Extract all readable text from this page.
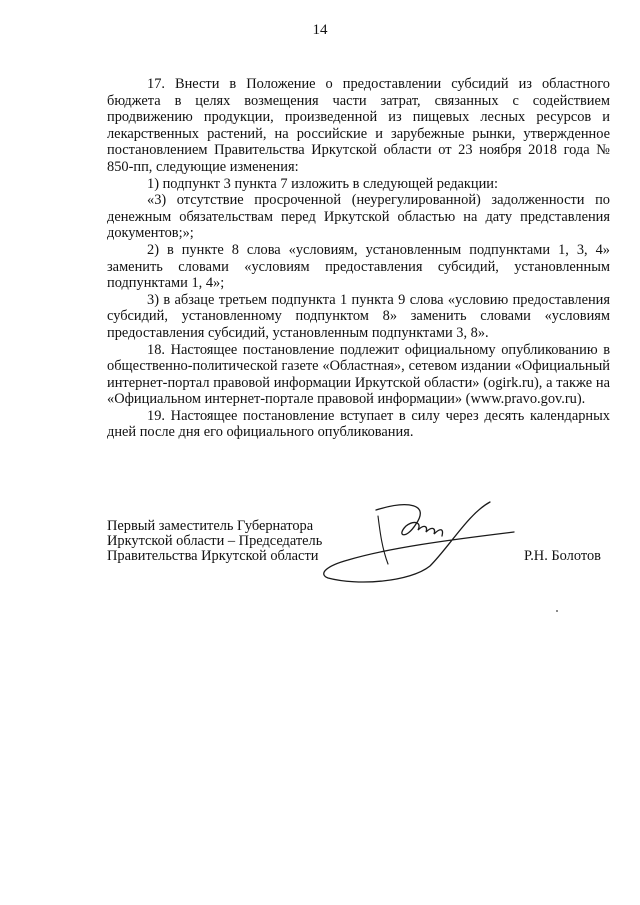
14

17. Внести в Положение о предоставлении субсидий из областного бюджета в целях возмещения части затрат, связанных с содействием продвижению продукции, произведенной из пищевых лесных ресурсов и лекарственных растений, на российские и зарубежные рынки, утвержденное постановлением Правительства Иркутской области от 23 ноября 2018 года № 850-пп, следующие изменения:

1) подпункт 3 пункта 7 изложить в следующей редакции:

«3) отсутствие просроченной (неурегулированной) задолженности по денежным обязательствам перед Иркутской областью на дату представления документов;»;

2) в пункте 8 слова «условиям, установленным подпунктами 1, 3, 4» заменить словами «условиям предоставления субсидий, установленным подпунктами 1, 4»;

3) в абзаце третьем подпункта 1 пункта 9 слова «условию предоставления субсидий, установленному подпунктом 8» заменить словами «условиям предоставления субсидий, установленным подпунктами 3, 8».

18. Настоящее постановление подлежит официальному опубликованию в общественно-политической газете «Областная», сетевом издании «Официальный интернет-портал правовой информации Иркутской области» (ogirk.ru), а также на «Официальном интернет-портале правовой информации» (www.pravo.gov.ru).

19. Настоящее постановление вступает в силу через десять календарных дней после дня его официального опубликования.

Первый заместитель Губернатора
Иркутской области – Председатель
Правительства Иркутской области	Р.Н. Болотов
